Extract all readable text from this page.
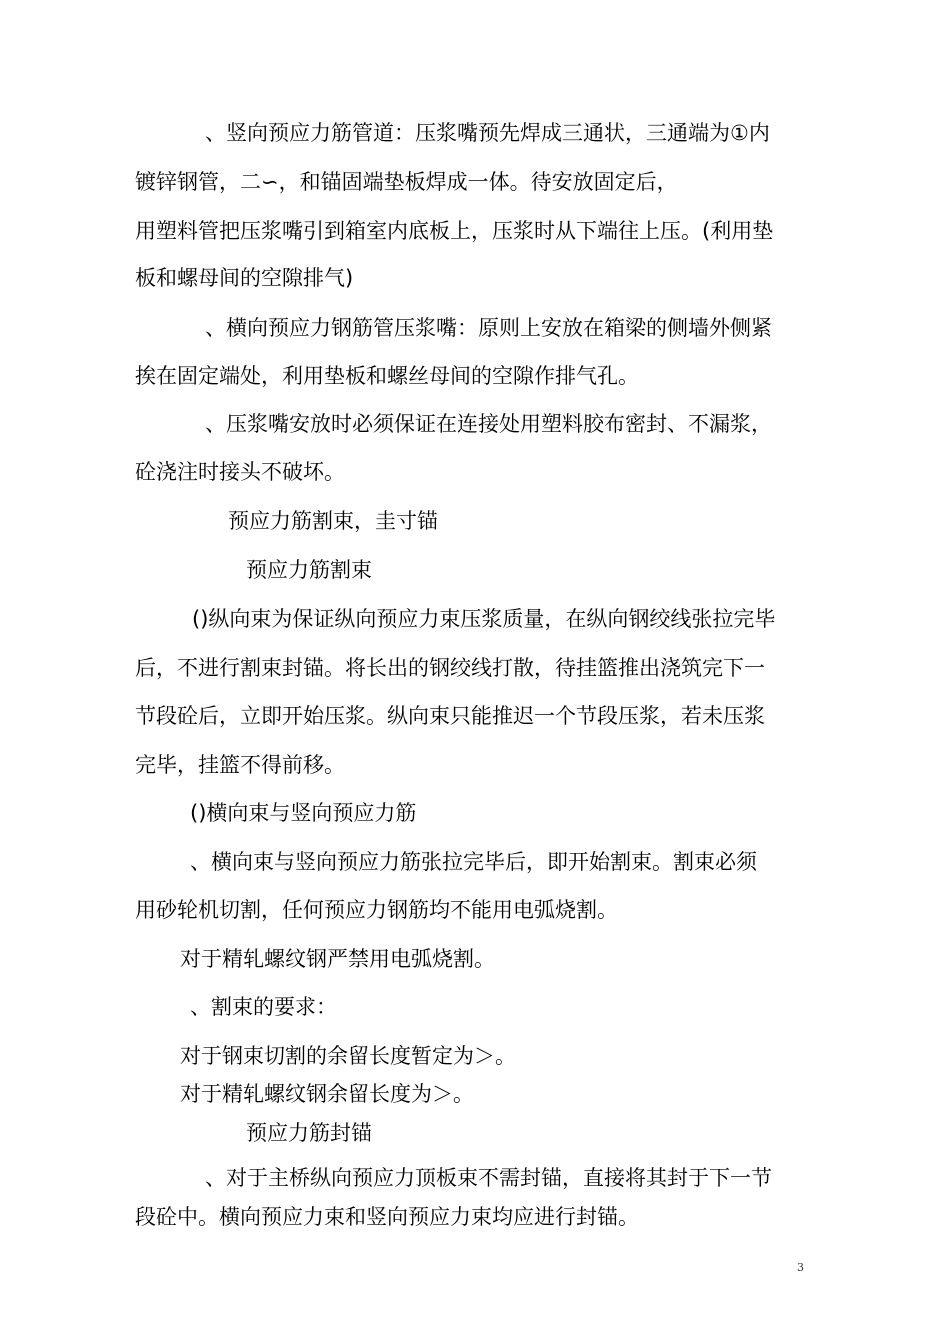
、竖向预应力筋管道：压浆嘴预先焊成三通状，三通端为①内
镀锌钢管，二∽，和锚固端垫板焊成一体。待安放固定后，
用塑料管把压浆嘴引到箱室内底板上，压浆时从下端往上压。(利用垫
板和螺母间的空隙排气)
、横向预应力钢筋管压浆嘴：原则上安放在箱梁的侧墙外侧紧
挨在固定端处，利用垫板和螺丝母间的空隙作排气孔。
、压浆嘴安放时必须保证在连接处用塑料胶布密封、不漏浆，
砼浇注时接头不破坏。
预应力筋割束，圭寸锚
预应力筋割束
()纵向束为保证纵向预应力束压浆质量，在纵向钢绞线张拉完毕
后，不进行割束封锚。将长出的钢绞线打散，待挂篮推出浇筑完下一
节段砼后，立即开始压浆。纵向束只能推迟一个节段压浆，若未压浆
完毕，挂篮不得前移。
()横向束与竖向预应力筋
、横向束与竖向预应力筋张拉完毕后，即开始割束。割束必须
用砂轮机切割，任何预应力钢筋均不能用电弧烧割。
对于精轧螺纹钢严禁用电弧烧割。
、割束的要求：
对于钢束切割的余留长度暂定为＞。
对于精轧螺纹钢余留长度为＞。
预应力筋封锚
、对于主桥纵向预应力顶板束不需封锚，直接将其封于下一节
段砼中。横向预应力束和竖向预应力束均应进行封锚。
3
